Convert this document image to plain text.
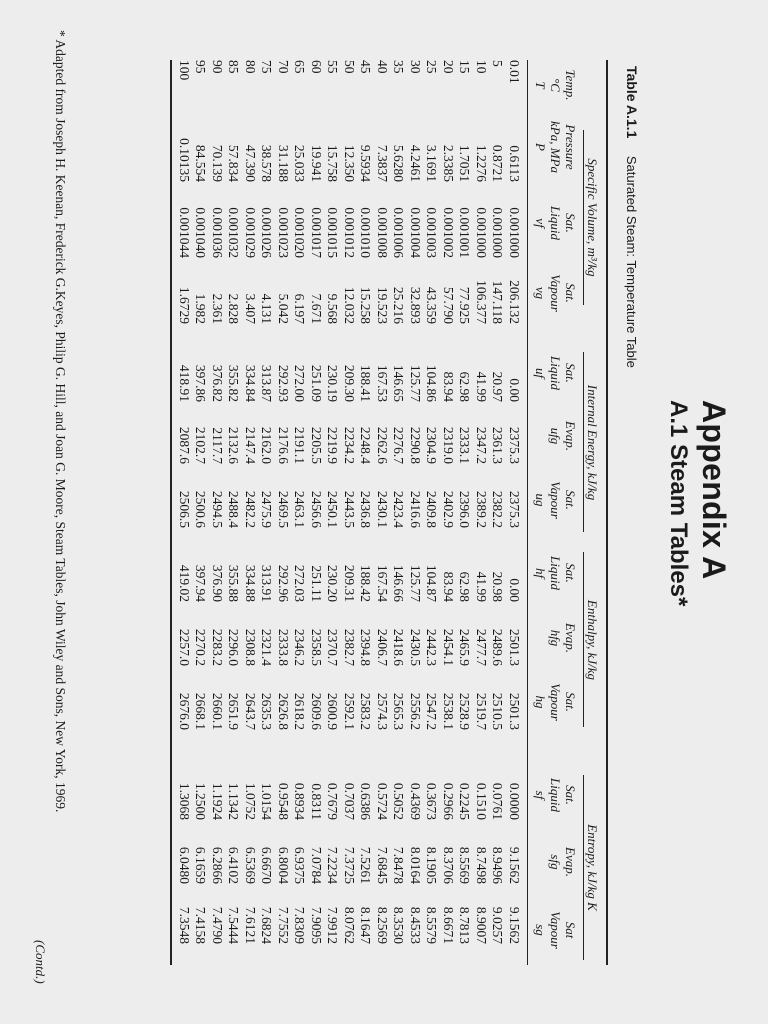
Appendix A
A.1 Steam Tables*
Table A.1.1 Saturated Steam: Temperature Table
Specific Volume, m³/kg
Internal Energy, kJ/kg
Enthalpy, kJ/kg
Entropy, kJ/kg K
Temp.
°C
T
Pressure
kPa, MPa
P
Sat.
Liquid
vf
Sat.
Vapour
vg
Sat.
Liquid
uf
Evap.
ufg
Sat.
Vapour
ug
Sat.
Liquid
hf
Evap.
hfg
Sat.
Vapour
hg
Sat.
Liquid
sf
Evap.
sfg
Sat
Vapour
sg
0.01	0.6113	0.001000	206.132	0.00	2375.3	2375.3	0.00	2501.3	2501.3	0.0000	9.1562	9.1562
5	0.8721	0.001000	147.118	20.97	2361.3	2382.2	20.98	2489.6	2510.5	0.0761	8.9496	9.0257
10	1.2276	0.001000	106.377	41.99	2347.2	2389.2	41.99	2477.7	2519.7	0.1510	8.7498	8.9007
15	1.7051	0.001001	77.925	62.98	2333.1	2396.0	62.98	2465.9	2528.9	0.2245	8.5569	8.7813
20	2.3385	0.001002	57.790	83.94	2319.0	2402.9	83.94	2454.1	2538.1	0.2966	8.3706	8.6671
25	3.1691	0.001003	43.359	104.86	2304.9	2409.8	104.87	2442.3	2547.2	0.3673	8.1905	8.5579
30	4.2461	0.001004	32.893	125.77	2290.8	2416.6	125.77	2430.5	2556.2	0.4369	8.0164	8.4533
35	5.6280	0.001006	25.216	146.65	2276.7	2423.4	146.66	2418.6	2565.3	0.5052	7.8478	8.3530
40	7.3837	0.001008	19.523	167.53	2262.6	2430.1	167.54	2406.7	2574.3	0.5724	7.6845	8.2569
45	9.5934	0.001010	15.258	188.41	2248.4	2436.8	188.42	2394.8	2583.2	0.6386	7.5261	8.1647
50	12.350	0.001012	12.032	209.30	2234.2	2443.5	209.31	2382.7	2592.1	0.7037	7.3725	8.0762
55	15.758	0.001015	9.568	230.19	2219.9	2450.1	230.20	2370.7	2600.9	0.7679	7.2234	7.9912
60	19.941	0.001017	7.671	251.09	2205.5	2456.6	251.11	2358.5	2609.6	0.8311	7.0784	7.9095
65	25.033	0.001020	6.197	272.00	2191.1	2463.1	272.03	2346.2	2618.2	0.8934	6.9375	7.8309
70	31.188	0.001023	5.042	292.93	2176.6	2469.5	292.96	2333.8	2626.8	0.9548	6.8004	7.7552
75	38.578	0.001026	4.131	313.87	2162.0	2475.9	313.91	2321.4	2635.3	1.0154	6.6670	7.6824
80	47.390	0.001029	3.407	334.84	2147.4	2482.2	334.88	2308.8	2643.7	1.0752	6.5369	7.6121
85	57.834	0.001032	2.828	355.82	2132.6	2488.4	355.88	2296.0	2651.9	1.1342	6.4102	7.5444
90	70.139	0.001036	2.361	376.82	2117.7	2494.5	376.90	2283.2	2660.1	1.1924	6.2866	7.4790
95	84.554	0.001040	1.982	397.86	2102.7	2500.6	397.94	2270.2	2668.1	1.2500	6.1659	7.4158
100	0.10135	0.001044	1.6729	418.91	2087.6	2506.5	419.02	2257.0	2676.0	1.3068	6.0480	7.3548
* Adapted from Joseph H. Keenan, Frederick G.Keyes, Philip G. Hill, and Joan G. Moore, Steam Tables, John Wiley and Sons, New York, 1969.
(Contd.)
